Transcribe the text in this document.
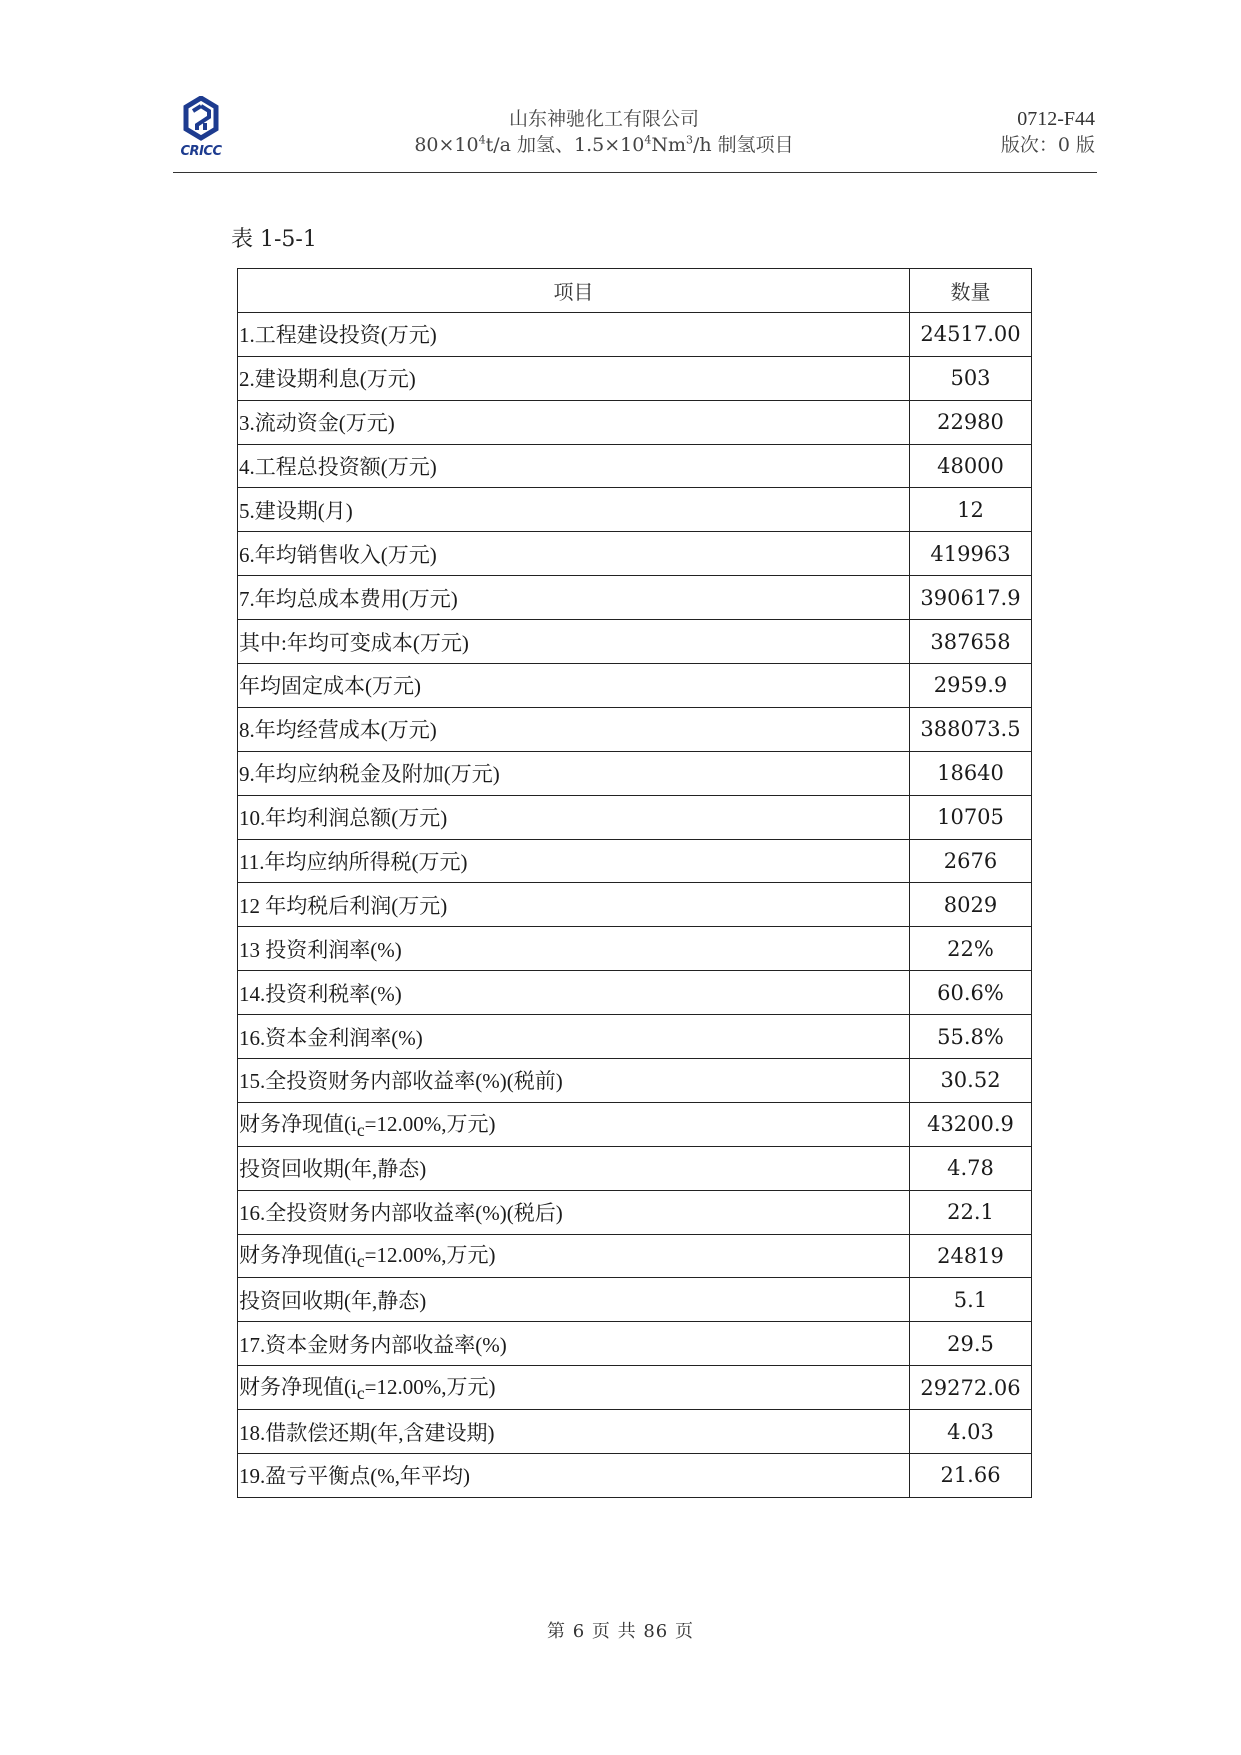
CRICC
山东神驰化工有限公司
$80\times 10^4t/a$ 加氢、$1.5\times 10^4Nm^3/h$ 制氢项目
0712-F44
版次：0 版
表 1-5-1
项目	数量
1.工程建设投资(万元)	24517.00
2.建设期利息(万元)	503
3.流动资金(万元)	22980
4.工程总投资额(万元)	48000
5.建设期(月)	12
6.年均销售收入(万元)	419963
7.年均总成本费用(万元)	390617.9
其中:年均可变成本(万元)	387658
年均固定成本(万元)	2959.9
8.年均经营成本(万元)	388073.5
9.年均应纳税金及附加(万元)	18640
10.年均利润总额(万元)	10705
11.年均应纳所得税(万元)	2676
12 年均税后利润(万元)	8029
13 投资利润率(%)	22%
14.投资利税率(%)	60.6%
16.资本金利润率(%)	55.8%
15.全投资财务内部收益率(%)(税前)	30.52
财务净现值($i_c=12.00\%$,万元)	43200.9
投资回收期(年,静态)	4.78
16.全投资财务内部收益率(%)(税后)	22.1
财务净现值($i_c=12.00\%$,万元)	24819
投资回收期(年,静态)	5.1
17.资本金财务内部收益率(%)	29.5
财务净现值($i_c=12.00\%$,万元)	29272.06
18.借款偿还期(年,含建设期)	4.03
19.盈亏平衡点(%,年平均)	21.66
第 6 页 共 86 页
